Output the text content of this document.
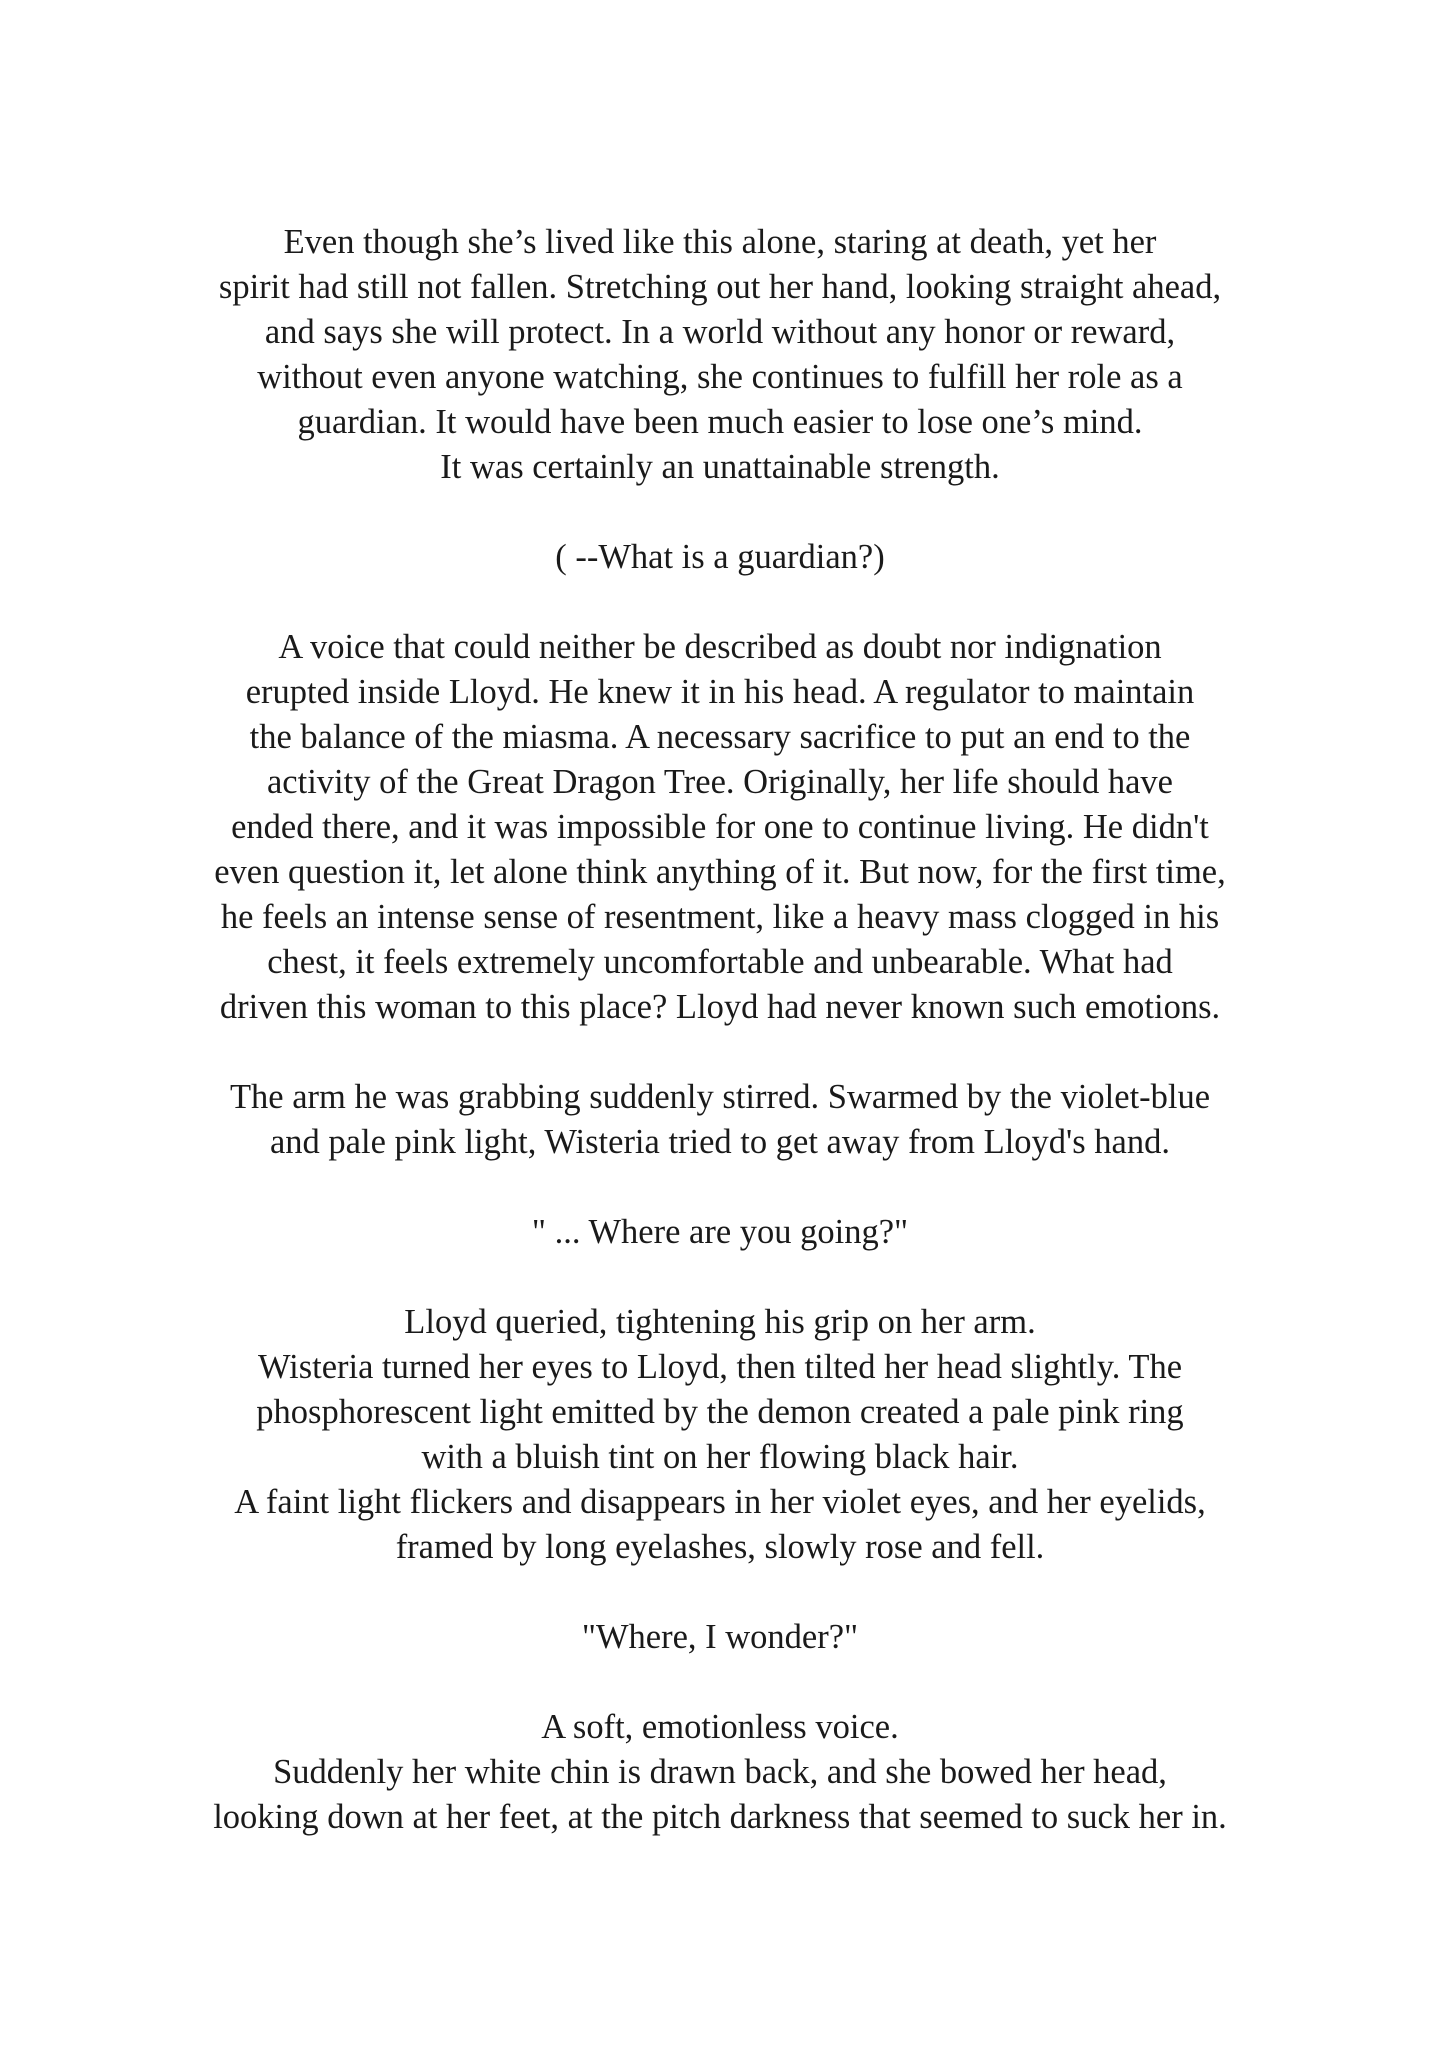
Even though she’s lived like this alone, staring at death, yet her
spirit had still not fallen. Stretching out her hand, looking straight ahead,
and says she will protect. In a world without any honor or reward,
without even anyone watching, she continues to fulfill her role as a
guardian. It would have been much easier to lose one’s mind.
It was certainly an unattainable strength.
( --What is a guardian?)
A voice that could neither be described as doubt nor indignation
erupted inside Lloyd. He knew it in his head. A regulator to maintain
the balance of the miasma. A necessary sacrifice to put an end to the
activity of the Great Dragon Tree. Originally, her life should have
ended there, and it was impossible for one to continue living. He didn't
even question it, let alone think anything of it. But now, for the first time,
he feels an intense sense of resentment, like a heavy mass clogged in his
chest, it feels extremely uncomfortable and unbearable. What had
driven this woman to this place? Lloyd had never known such emotions.
The arm he was grabbing suddenly stirred. Swarmed by the violet-blue
and pale pink light, Wisteria tried to get away from Lloyd's hand.
" ... Where are you going?"
Lloyd queried, tightening his grip on her arm.
Wisteria turned her eyes to Lloyd, then tilted her head slightly. The
phosphorescent light emitted by the demon created a pale pink ring
with a bluish tint on her flowing black hair.
A faint light flickers and disappears in her violet eyes, and her eyelids,
framed by long eyelashes, slowly rose and fell.
"Where, I wonder?"
A soft, emotionless voice.
Suddenly her white chin is drawn back, and she bowed her head,
looking down at her feet, at the pitch darkness that seemed to suck her in.
